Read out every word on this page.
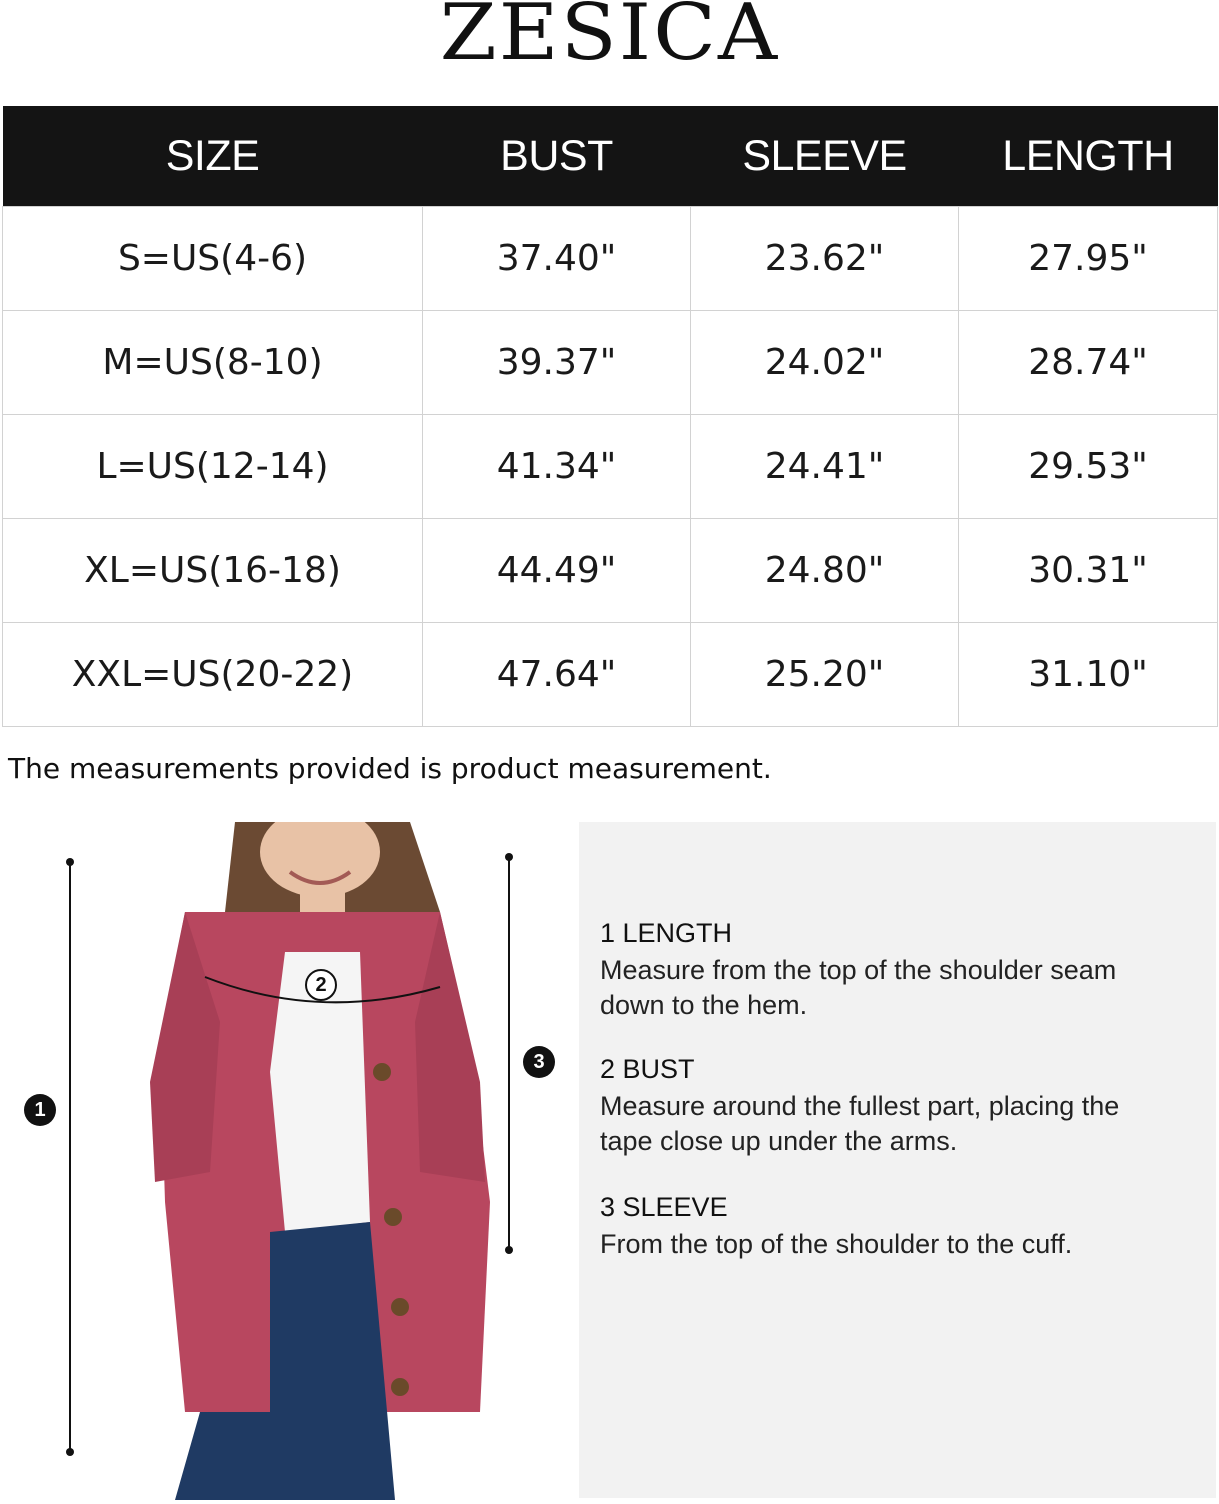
ZESICA
SIZE	BUST	SLEEVE	LENGTH
S=US(4-6)	37.40"	23.62"	27.95"
M=US(8-10)	39.37"	24.02"	28.74"
L=US(12-14)	41.34"	24.41"	29.53"
XL=US(16-18)	44.49"	24.80"	30.31"
XXL=US(20-22)	47.64"	25.20"	31.10"
The measurements provided is product measurement.
1
2
3

1 LENGTH

Measure from the top of the shoulder seam down to the hem.

2 BUST

Measure around the fullest part, placing the tape close up under the arms.

3 SLEEVE

From the top of the shoulder to the cuff.
